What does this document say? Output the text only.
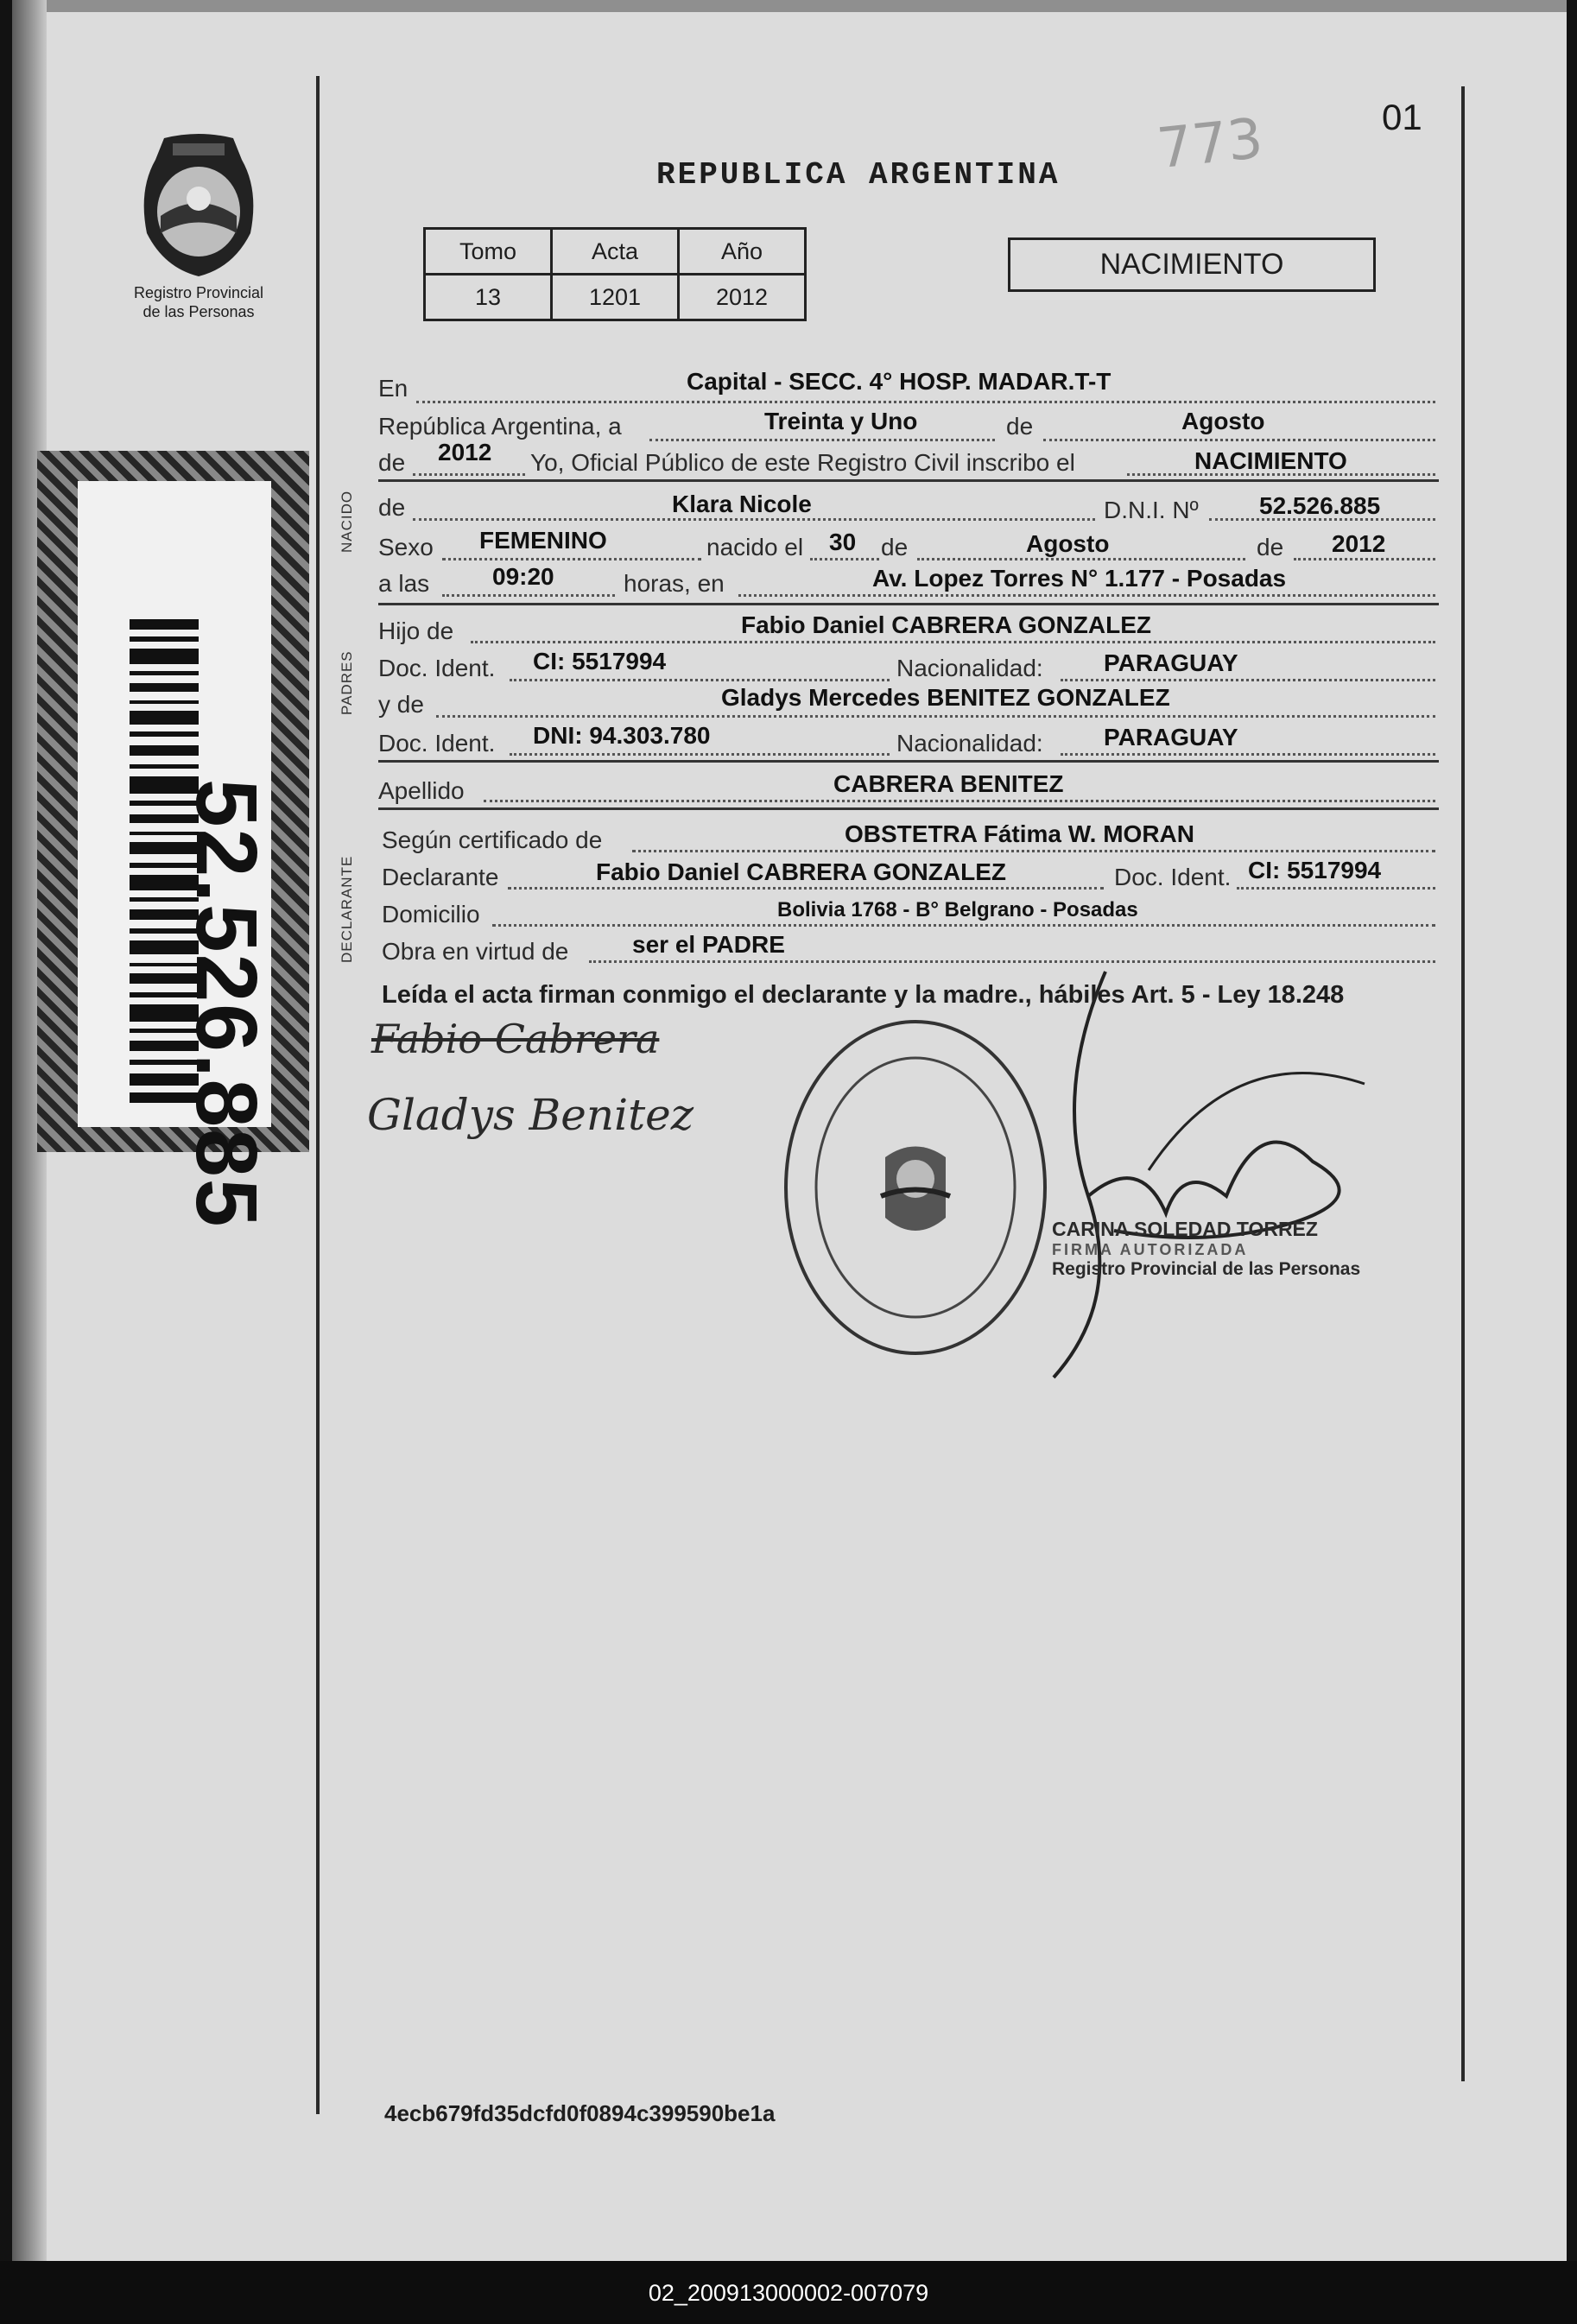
01
773
REPUBLICA ARGENTINA
Registro Provincial
de las Personas
Tomo	Acta	Año
13	1201	2012
NACIMIENTO
52.526.885
NACIDO
PADRES
DECLARANTE
En	Capital - SECC. 4° HOSP. MADAR.T-T
República Argentina, a	Treinta y Uno	de	Agosto
de 2012 Yo, Oficial Público de este Registro Civil inscribo el	NACIMIENTO
de	Klara Nicole	D.N.I. Nº	52.526.885
Sexo FEMENINO	nacido el 30 de	Agosto	de 2012
a las	09:20	horas, en	Av. Lopez Torres N° 1.177 - Posadas
Hijo de	Fabio Daniel CABRERA GONZALEZ
Doc. Ident. CI: 5517994	Nacionalidad:	PARAGUAY
y de	Gladys Mercedes BENITEZ GONZALEZ
Doc. Ident. DNI: 94.303.780	Nacionalidad:	PARAGUAY
Apellido	CABRERA BENITEZ
Según certificado de	OBSTETRA Fátima W. MORAN
Declarante	Fabio Daniel CABRERA GONZALEZ	Doc. Ident. CI: 5517994
Domicilio	Bolivia 1768 - B° Belgrano - Posadas
Obra en virtud de	ser el PADRE
Leída el acta firman conmigo el declarante y la madre., hábiles Art. 5 - Ley 18.248
Fabio Cabrera
Gladys Benitez
CARINA SOLEDAD TORREZ
FIRMA AUTORIZADA
Registro Provincial de las Personas
4ecb679fd35dcfd0f0894c399590be1a
02_200913000002-007079
